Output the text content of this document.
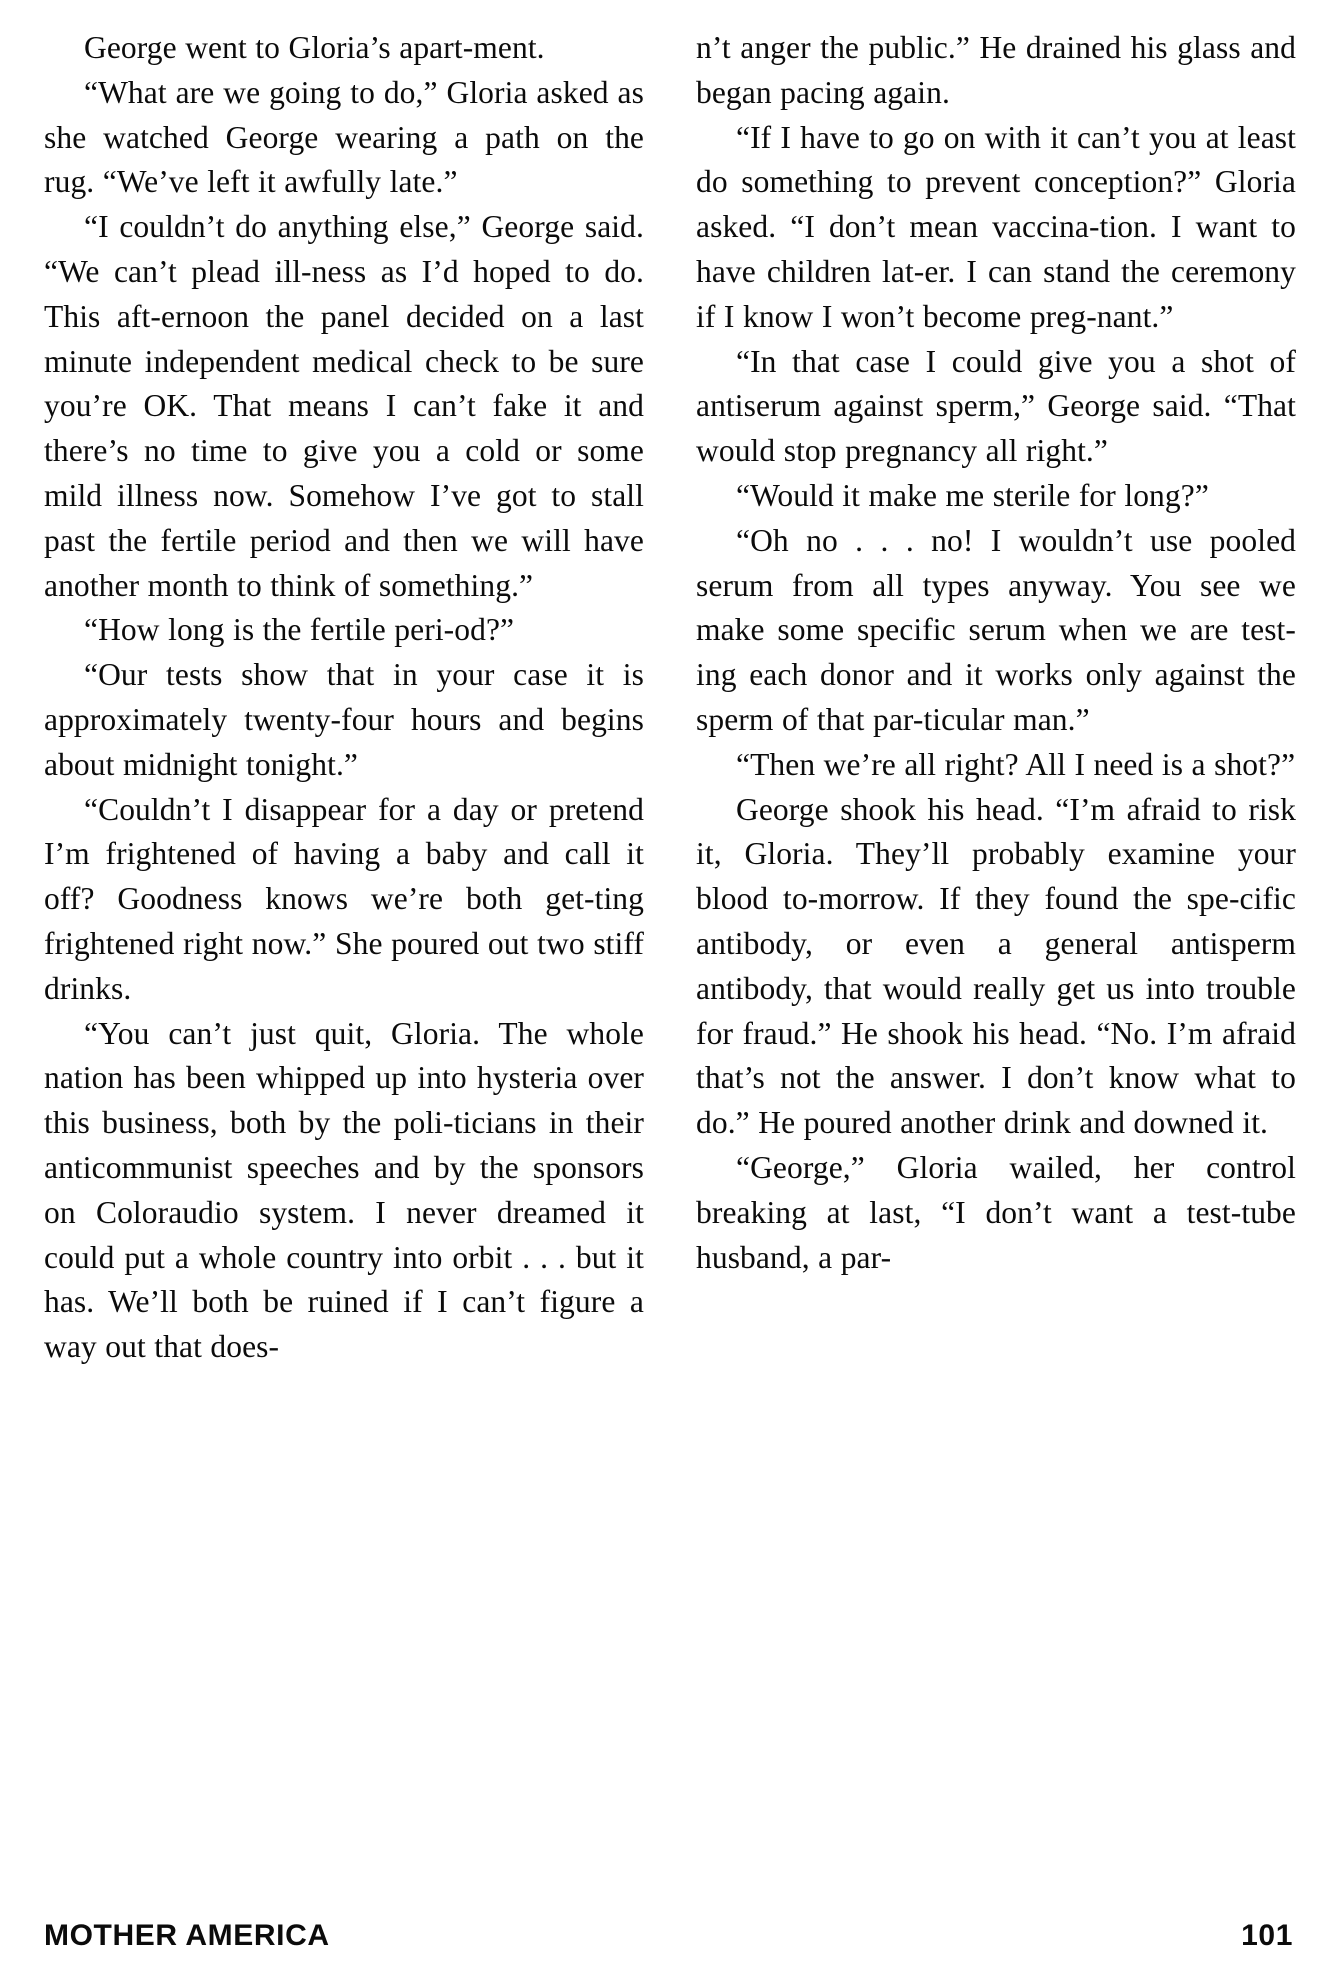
George went to Gloria’s apart-ment.

“What are we going to do,” Gloria asked as she watched George wearing a path on the rug. “We’ve left it awfully late.”

“I couldn’t do anything else,” George said. “We can’t plead ill-ness as I’d hoped to do. This aft-ernoon the panel decided on a last minute independent medical check to be sure you’re OK. That means I can’t fake it and there’s no time to give you a cold or some mild illness now. Somehow I’ve got to stall past the fertile period and then we will have another month to think of something.”

“How long is the fertile peri-od?”

“Our tests show that in your case it is approximately twenty-four hours and begins about midnight tonight.”

“Couldn’t I disappear for a day or pretend I’m frightened of having a baby and call it off? Goodness knows we’re both get-ting frightened right now.” She poured out two stiff drinks.

“You can’t just quit, Gloria. The whole nation has been whipped up into hysteria over this business, both by the poli-ticians in their anticommunist speeches and by the sponsors on Coloraudio system. I never dreamed it could put a whole country into orbit . . . but it has. We’ll both be ruined if I can’t figure a way out that does-

n’t anger the public.” He drained his glass and began pacing again.

“If I have to go on with it can’t you at least do something to prevent conception?” Gloria asked. “I don’t mean vaccina-tion. I want to have children lat-er. I can stand the ceremony if I know I won’t become preg-nant.”

“In that case I could give you a shot of antiserum against sperm,” George said. “That would stop pregnancy all right.”

“Would it make me sterile for long?”

“Oh no . . . no! I wouldn’t use pooled serum from all types anyway. You see we make some specific serum when we are test-ing each donor and it works only against the sperm of that par-ticular man.”

“Then we’re all right? All I need is a shot?”

George shook his head. “I’m afraid to risk it, Gloria. They’ll probably examine your blood to-morrow. If they found the spe-cific antibody, or even a general antisperm antibody, that would really get us into trouble for fraud.” He shook his head. “No. I’m afraid that’s not the answer. I don’t know what to do.” He poured another drink and downed it.

“George,” Gloria wailed, her control breaking at last, “I don’t want a test-tube husband, a par-

MOTHER AMERICA	101
